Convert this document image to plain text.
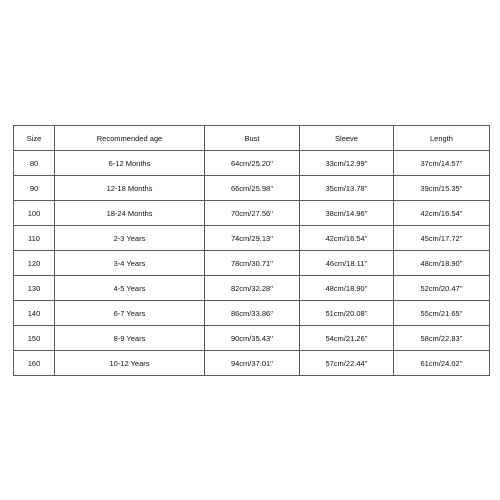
Size	Recommended age	Bust	Sleeve	Length
80	6-12 Months	64cm/25.20''	33cm/12.99''	37cm/14.57''
90	12-18 Months	66cm/25.98''	35cm/13.78''	39cm/15.35''
100	18-24 Months	70cm/27.56''	38cm/14.96''	42cm/16.54''
110	2-3 Years	74cm/29.13''	42cm/16.54''	45cm/17.72''
120	3-4 Years	78cm/30.71''	46cm/18.11''	48cm/18.90''
130	4-5 Years	82cm/32.28''	48cm/18.90''	52cm/20.47''
140	6-7 Years	86cm/33.86''	51cm/20.08''	55cm/21.65''
150	8-9 Years	90cm/35.43''	54cm/21.26''	58cm/22.83''
160	10-12 Years	94cm/37.01''	57cm/22.44''	61cm/24.02''
